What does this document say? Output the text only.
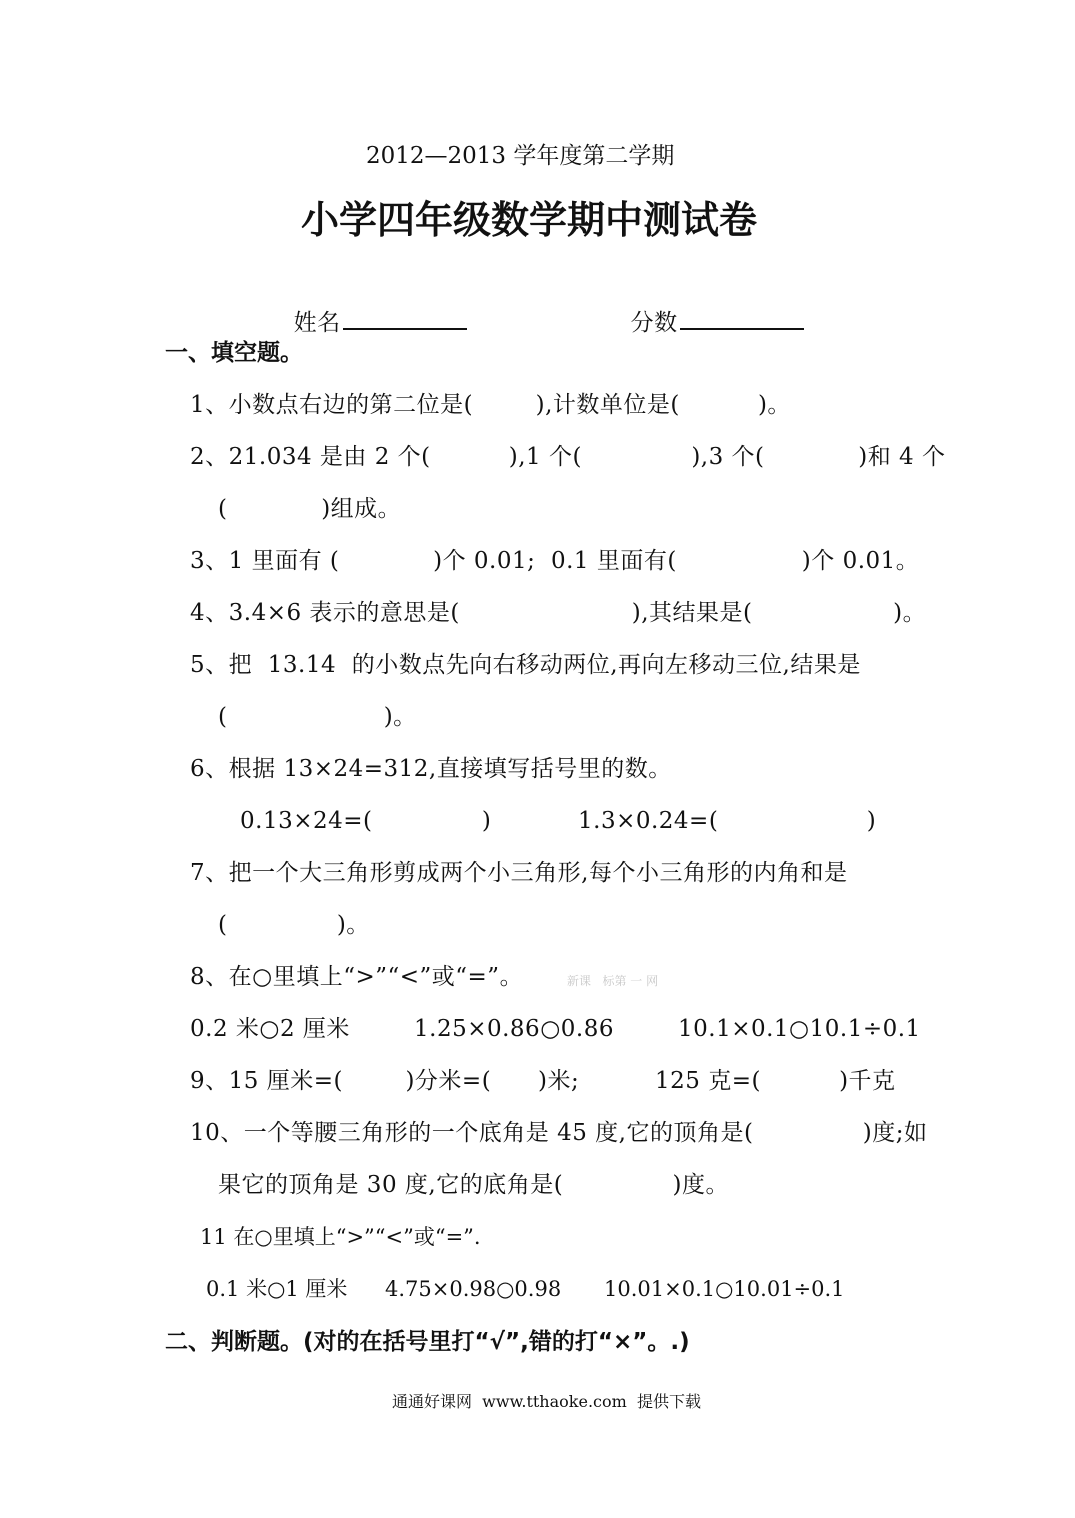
2012—2013 学年度第二学期
小学四年级数学期中测试卷

姓名	分数

一、填空题。
1、小数点右边的第二位是(        ),计数单位是(          )。
2、21.034 是由 2 个(          ),1 个(              ),3 个(            )和 4 个
(            )组成。
3、1 里面有 (            )个 0.01;  0.1 里面有(                )个 0.01。
4、3.4×6 表示的意思是(                      ),其结果是(                  )。
5、把  13.14  的小数点先向右移动两位,再向左移动三位,结果是
(                    )。
6、根据 13×24=312,直接填写括号里的数。
0.13×24=(              )	1.3×0.24=(                   )
7、把一个大三角形剪成两个小三角形,每个小三角形的内角和是
(              )。
8、在○里填上“>”“<”或“=”。	新课   标第 一 网
0.2 米○2 厘米	1.25×0.86○0.86	10.1×0.1○10.1÷0.1
9、15 厘米=(        )分米=(      )米;	125 克=(          )千克
10、一个等腰三角形的一个底角是 45 度,它的顶角是(              )度;如
果它的顶角是 30 度,它的底角是(              )度。
11 在○里填上“>”“<”或“=”.
0.1 米○1 厘米 4.75×0.98○0.98 10.01×0.1○10.01÷0.1
二、判断题。(对的在括号里打“√”,错的打“×”。.)
通通好课网  www.tthaoke.com  提供下载
